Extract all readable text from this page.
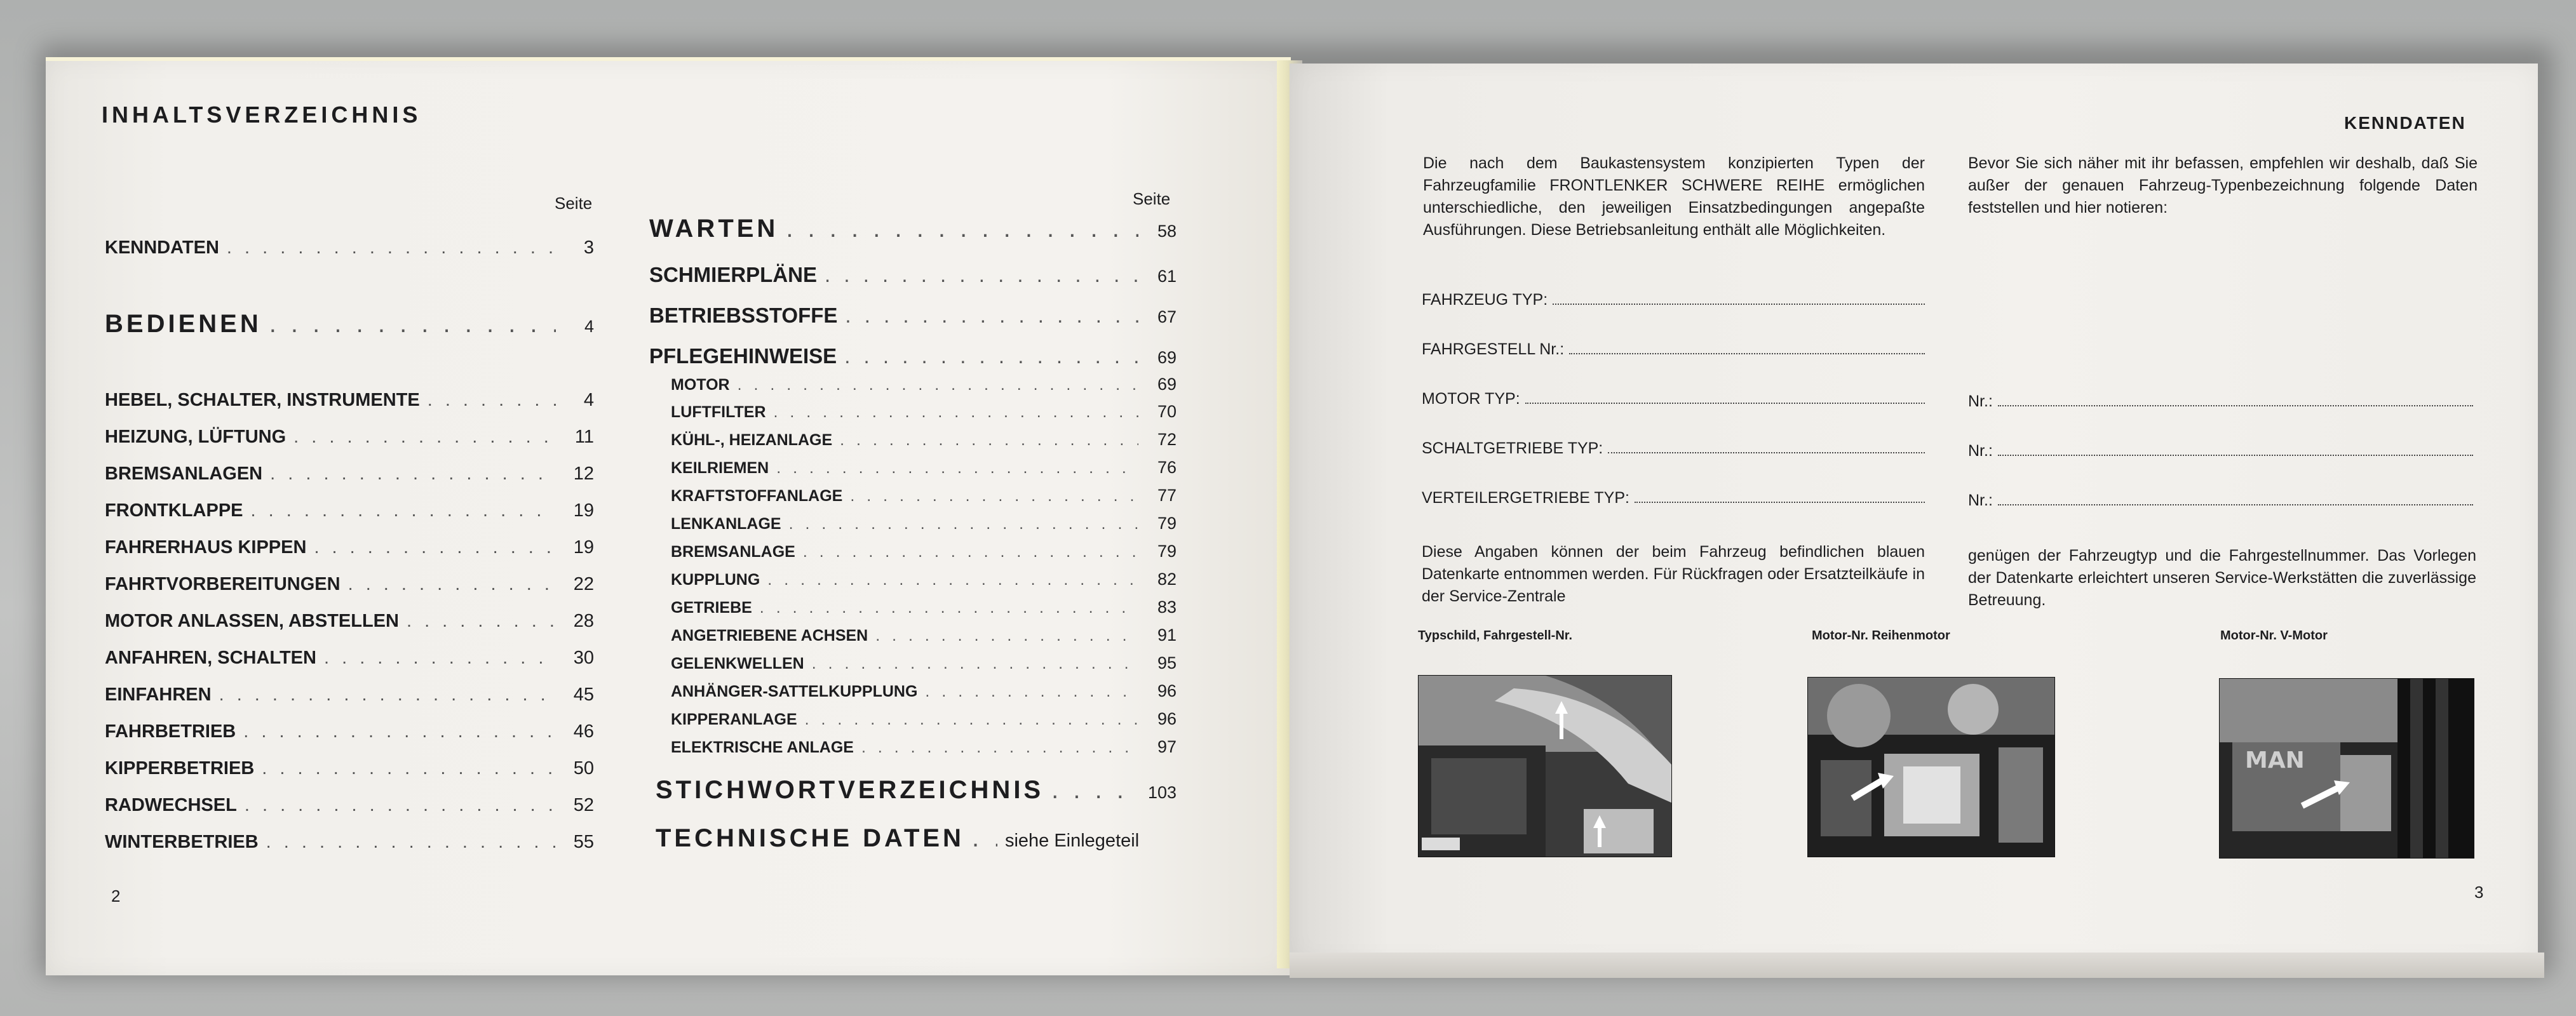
INHALTSVERZEICHNIS
Seite	Seite
KENNDATEN . . .	3
BEDIENEN . . .	4
HEBEL, SCHALTER, INSTRUMENTE . . .	4
HEIZUNG, LÜFTUNG . . .	11
BREMSANLAGEN . . .	12
FRONTKLAPPE . . .	19
FAHRERHAUS KIPPEN . . .	19
FAHRTVORBEREITUNGEN . . .	22
MOTOR ANLASSEN, ABSTELLEN . . .	28
ANFAHREN, SCHALTEN . . .	30
EINFAHREN . . .	45
FAHRBETRIEB . . .	46
KIPPERBETRIEB . . .	50
RADWECHSEL . . .	52
WINTERBETRIEB . . .	55
WARTEN . . .	58
SCHMIERPLÄNE . . .	61
BETRIEBSSTOFFE . . .	67
PFLEGEHINWEISE . . .	69
MOTOR . . .	69
LUFTFILTER . . .	70
KÜHL-, HEIZANLAGE . . .	72
KEILRIEMEN . . .	76
KRAFTSTOFFANLAGE . . .	77
LENKANLAGE . . .	79
BREMSANLAGE . . .	79
KUPPLUNG . . .	82
GETRIEBE . . .	83
ANGETRIEBENE ACHSEN . . .	91
GELENKWELLEN . . .	95
ANHÄNGER-SATTELKUPPLUNG . . .	96
KIPPERANLAGE . . .	96
ELEKTRISCHE ANLAGE . . .	97
STICHWORTVERZEICHNIS . . .	103
TECHNISCHE DATEN . . . siehe Einlegeteil
2
KENNDATEN
Die nach dem Baukastensystem konzipierten Typen der Fahrzeugfamilie FRONTLENKER SCHWERE REIHE ermöglichen unterschiedliche, den jeweiligen Einsatzbedingungen angepaßte Ausführungen. Diese Betriebsanleitung enthält alle Möglichkeiten.
Bevor Sie sich näher mit ihr befassen, empfehlen wir deshalb, daß Sie außer der genauen Fahrzeug-Typenbezeichnung folgende Daten feststellen und hier notieren:
FAHRZEUG TYP:
FAHRGESTELL Nr.:
MOTOR TYP:	Nr.:
SCHALTGETRIEBE TYP:	Nr.:
VERTEILERGETRIEBE TYP:	Nr.:
Diese Angaben können der beim Fahrzeug befindlichen blauen Datenkarte entnommen werden. Für Rückfragen oder Ersatzteilkäufe in der Service-Zentrale
genügen der Fahrzeugtyp und die Fahrgestellnummer. Das Vorlegen der Datenkarte erleichtert unseren Service-Werkstätten die zuverlässige Betreuung.
Typschild, Fahrgestell-Nr.	Motor-Nr. Reihenmotor	Motor-Nr. V-Motor
MAN
3
